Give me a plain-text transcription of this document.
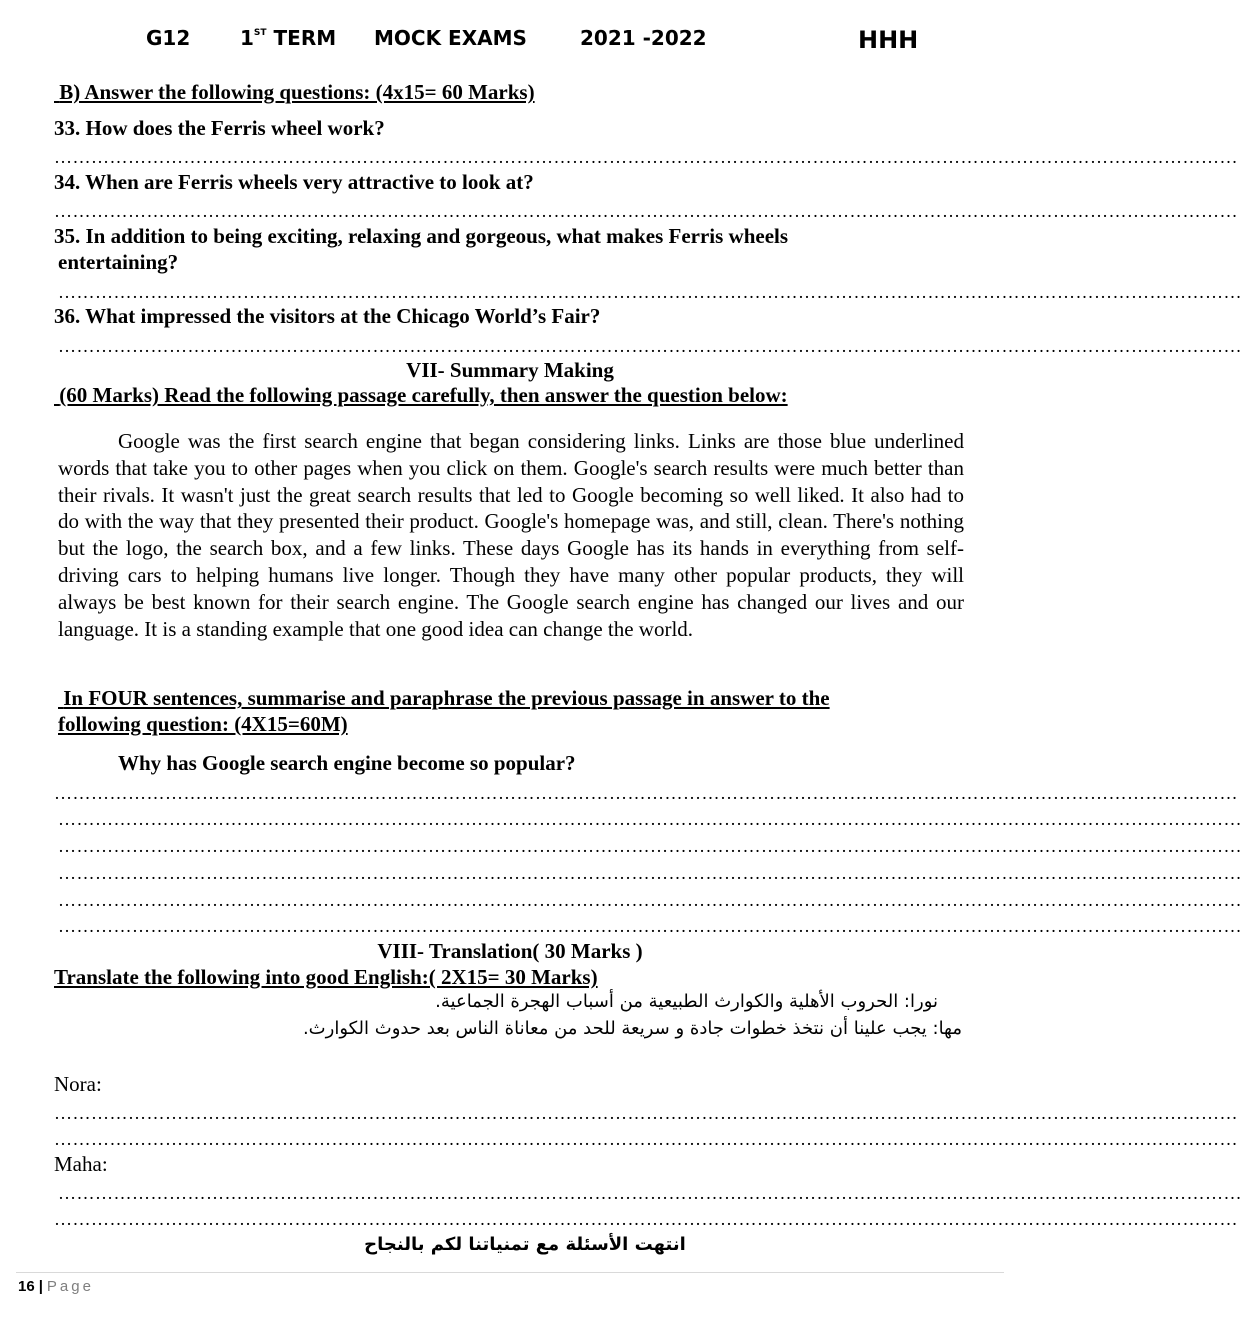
G12 1ST TERM MOCK EXAMS	2021 -2022	HHH
B) Answer the following questions: (4x15= 60 Marks)
33. How does the Ferris wheel work?
…………………………………………………………………………………………………………………………………………………………………………
34. When are Ferris wheels very attractive to look at?
…………………………………………………………………………………………………………………………………………………………………………
35. In addition to being exciting, relaxing and gorgeous, what makes Ferris wheels
entertaining?
…………………………………………………………………………………………………………………………………………………………………………
36. What impressed the visitors at the Chicago World’s Fair?
…………………………………………………………………………………………………………………………………………………………………………
VII- Summary Making
(60 Marks) Read the following passage carefully, then answer the question below:
Google was the first search engine that began considering links. Links are those blue underlined words that take you to other pages when you click on them. Google's search results were much better than their rivals. It wasn't just the great search results that led to Google becoming so well liked. It also had to do with the way that they presented their product. Google's homepage was, and still, clean. There's nothing but the logo, the search box, and a few links. These days Google has its hands in everything from self-driving cars to helping humans live longer. Though they have many other popular products, they will always be best known for their search engine. The Google search engine has changed our lives and our language. It is a standing example that one good idea can change the world.
In FOUR sentences, summarise and paraphrase the previous passage in answer to the
following question: (4X15=60M)
Why has Google search engine become so popular?
…………………………………………………………………………………………………………………………………………………………………………
…………………………………………………………………………………………………………………………………………………………………………
…………………………………………………………………………………………………………………………………………………………………………
…………………………………………………………………………………………………………………………………………………………………………
…………………………………………………………………………………………………………………………………………………………………………
…………………………………………………………………………………………………………………………………………………………………………
VIII- Translation( 30 Marks )
Translate the following into good English:( 2X15= 30 Marks)
نورا: الحروب الأهلية والكوارث الطبيعية من أسباب الهجرة الجماعية.
مها: يجب علينا أن نتخذ خطوات جادة و سريعة للحد من معاناة الناس بعد حدوث الكوارث.
Nora:
…………………………………………………………………………………………………………………………………………………………………………
…………………………………………………………………………………………………………………………………………………………………………
Maha:
…………………………………………………………………………………………………………………………………………………………………………
…………………………………………………………………………………………………………………………………………………………………………
انتهت الأسئلة مع تمنياتنا لكم بالنجاح
16 | Page
